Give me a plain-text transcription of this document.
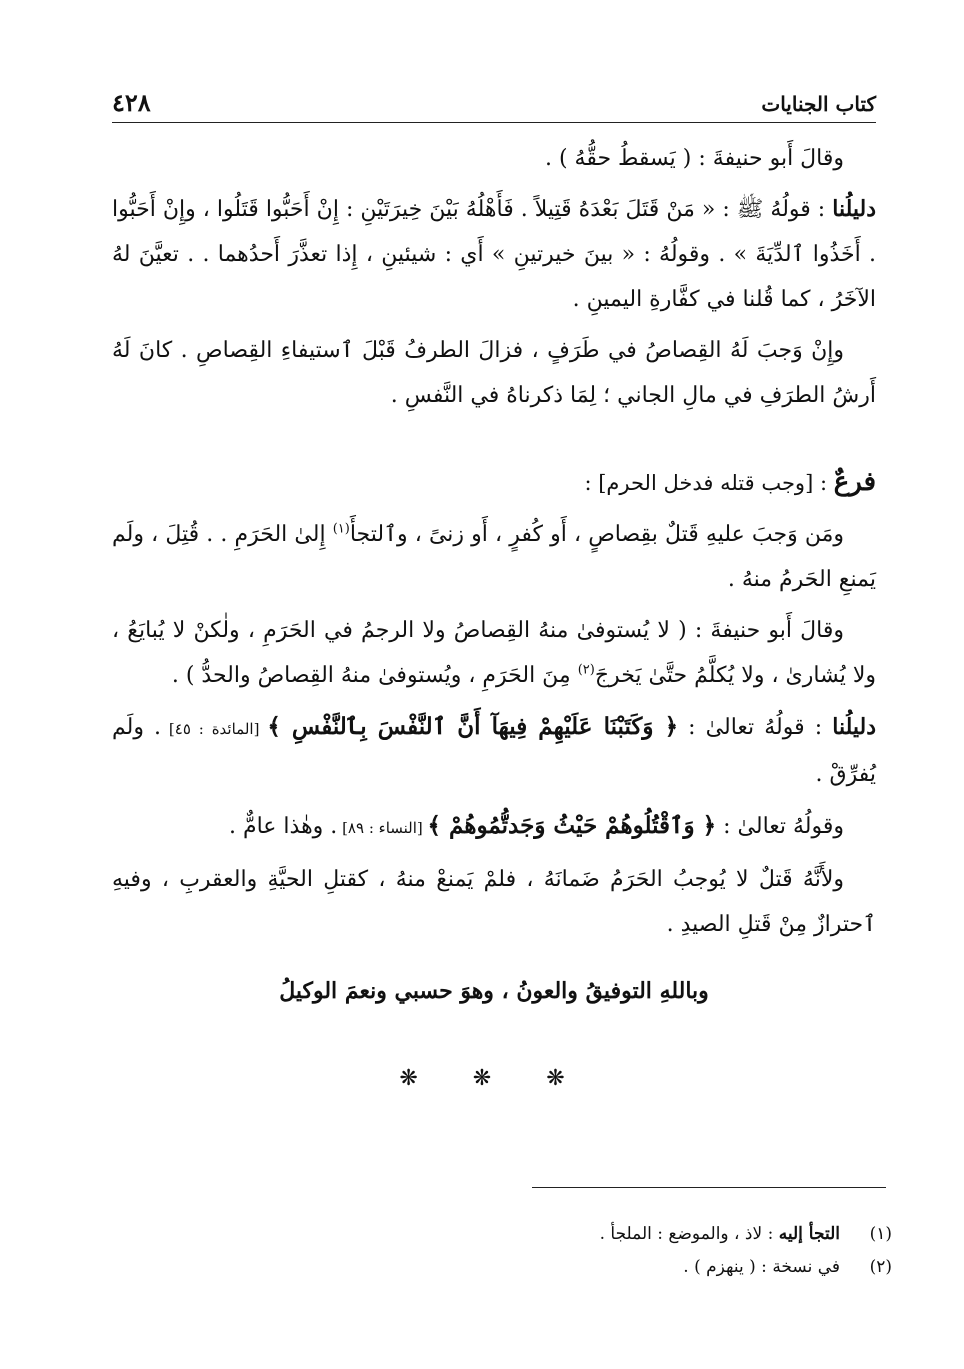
كتاب الجنايات
٤٢٨

وقالَ أَبو حنيفةَ : ( يَسقطُ حقُّهُ ) .

دليلُنا : قولُهُ ﷺ : « مَنْ قَتَلَ بَعْدَهُ قَتِيلاً . فَأَهْلُهُ بَيْنَ خِيرَتَيْنِ : إِنْ أَحَبُّوا قَتَلُوا ، وإِنْ أَحَبُّوا . أَخَذُوا ٱلدِّيَةَ » . وقولُهُ : « بينَ خيرتينِ » أَي : شيئينِ ، إِذا تعذَّرَ أَحدُهما . . تعيَّنَ لهُ الآخَرُ ، كما قُلنا في كفَّارةِ اليمينِ .

وإِنْ وَجبَ لَهُ القِصاصُ في طَرَفٍ ، فزالَ الطرفُ قَبْلَ ٱستيفاءِ القِصاصِ . كانَ لَهُ أَرشُ الطرَفِ في مالِ الجاني ؛ لِمَا ذكرناهُ في النَّفسِ .

فرعٌ : [وجب قتله فدخل الحرم] :

ومَن وَجبَ عليهِ قَتلٌ بقِصاصٍ ، أَو كُفرٍ ، أَو زنىً ، وٱلتجأَ$^{(١)}$ إِلىٰ الحَرَمِ . . قُتِلَ ، ولَم يَمنعِ الحَرمُ منهُ .

وقالَ أَبو حنيفةَ : ( لا يُستوفىٰ منهُ القِصاصُ ولا الرجمُ في الحَرَمِ ، ولٰكنْ لا يُبايَعُ ، ولا يُشارىٰ ، ولا يُكلَّمُ حتَّىٰ يَخرجَ$^{(٢)}$ مِنَ الحَرَمِ ، ويُستوفىٰ منهُ القِصاصُ والحدُّ ) .

دليلُنا : قولُهُ تعالىٰ : ﴿ وَكَتَبْنَا عَلَيْهِمْ فِيهَآ أَنَّ ٱلنَّفْسَ بِٱلنَّفْسِ ﴾ [المائدة : ٤٥] . ولَم يُفرِّقْ .

وقولُهُ تعالىٰ : ﴿ وَٱقْتُلُوهُمْ حَيْثُ وَجَدتُّمُوهُمْ ﴾ [النساء : ٨٩] . وهٰذا عامٌّ .

ولأَنَّهُ قَتلٌ لا يُوجبُ الحَرَمُ ضَمانَهُ ، فلمْ يَمنعْ منهُ ، كقتلِ الحيَّةِ والعقربِ ، وفيهِ ٱحترازٌ مِنْ قَتلِ الصيدِ .

وباللهِ التوفيقُ والعونُ ، وهوَ حسبي ونعمَ الوكيلُ

❋ ❋ ❋

(١)
التجأ إليه : لاذ ، والموضع : الملجأ .
(٢)
في نسخة : ( ينهزم ) .
